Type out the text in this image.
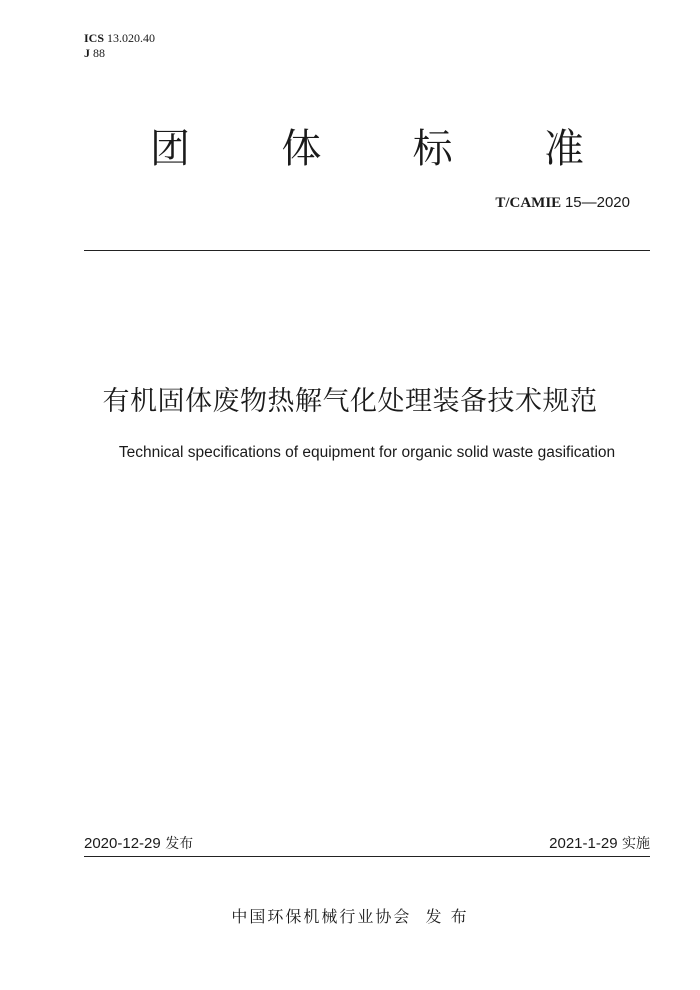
ICS 13.020.40
J 88
团 体 标 准
T/CAMIE 15—2020
有机固体废物热解气化处理装备技术规范
Technical specifications of equipment for organic solid waste gasification
2020-12-29 发布	2021-1-29 实施
中国环保机械行业协会 发 布
